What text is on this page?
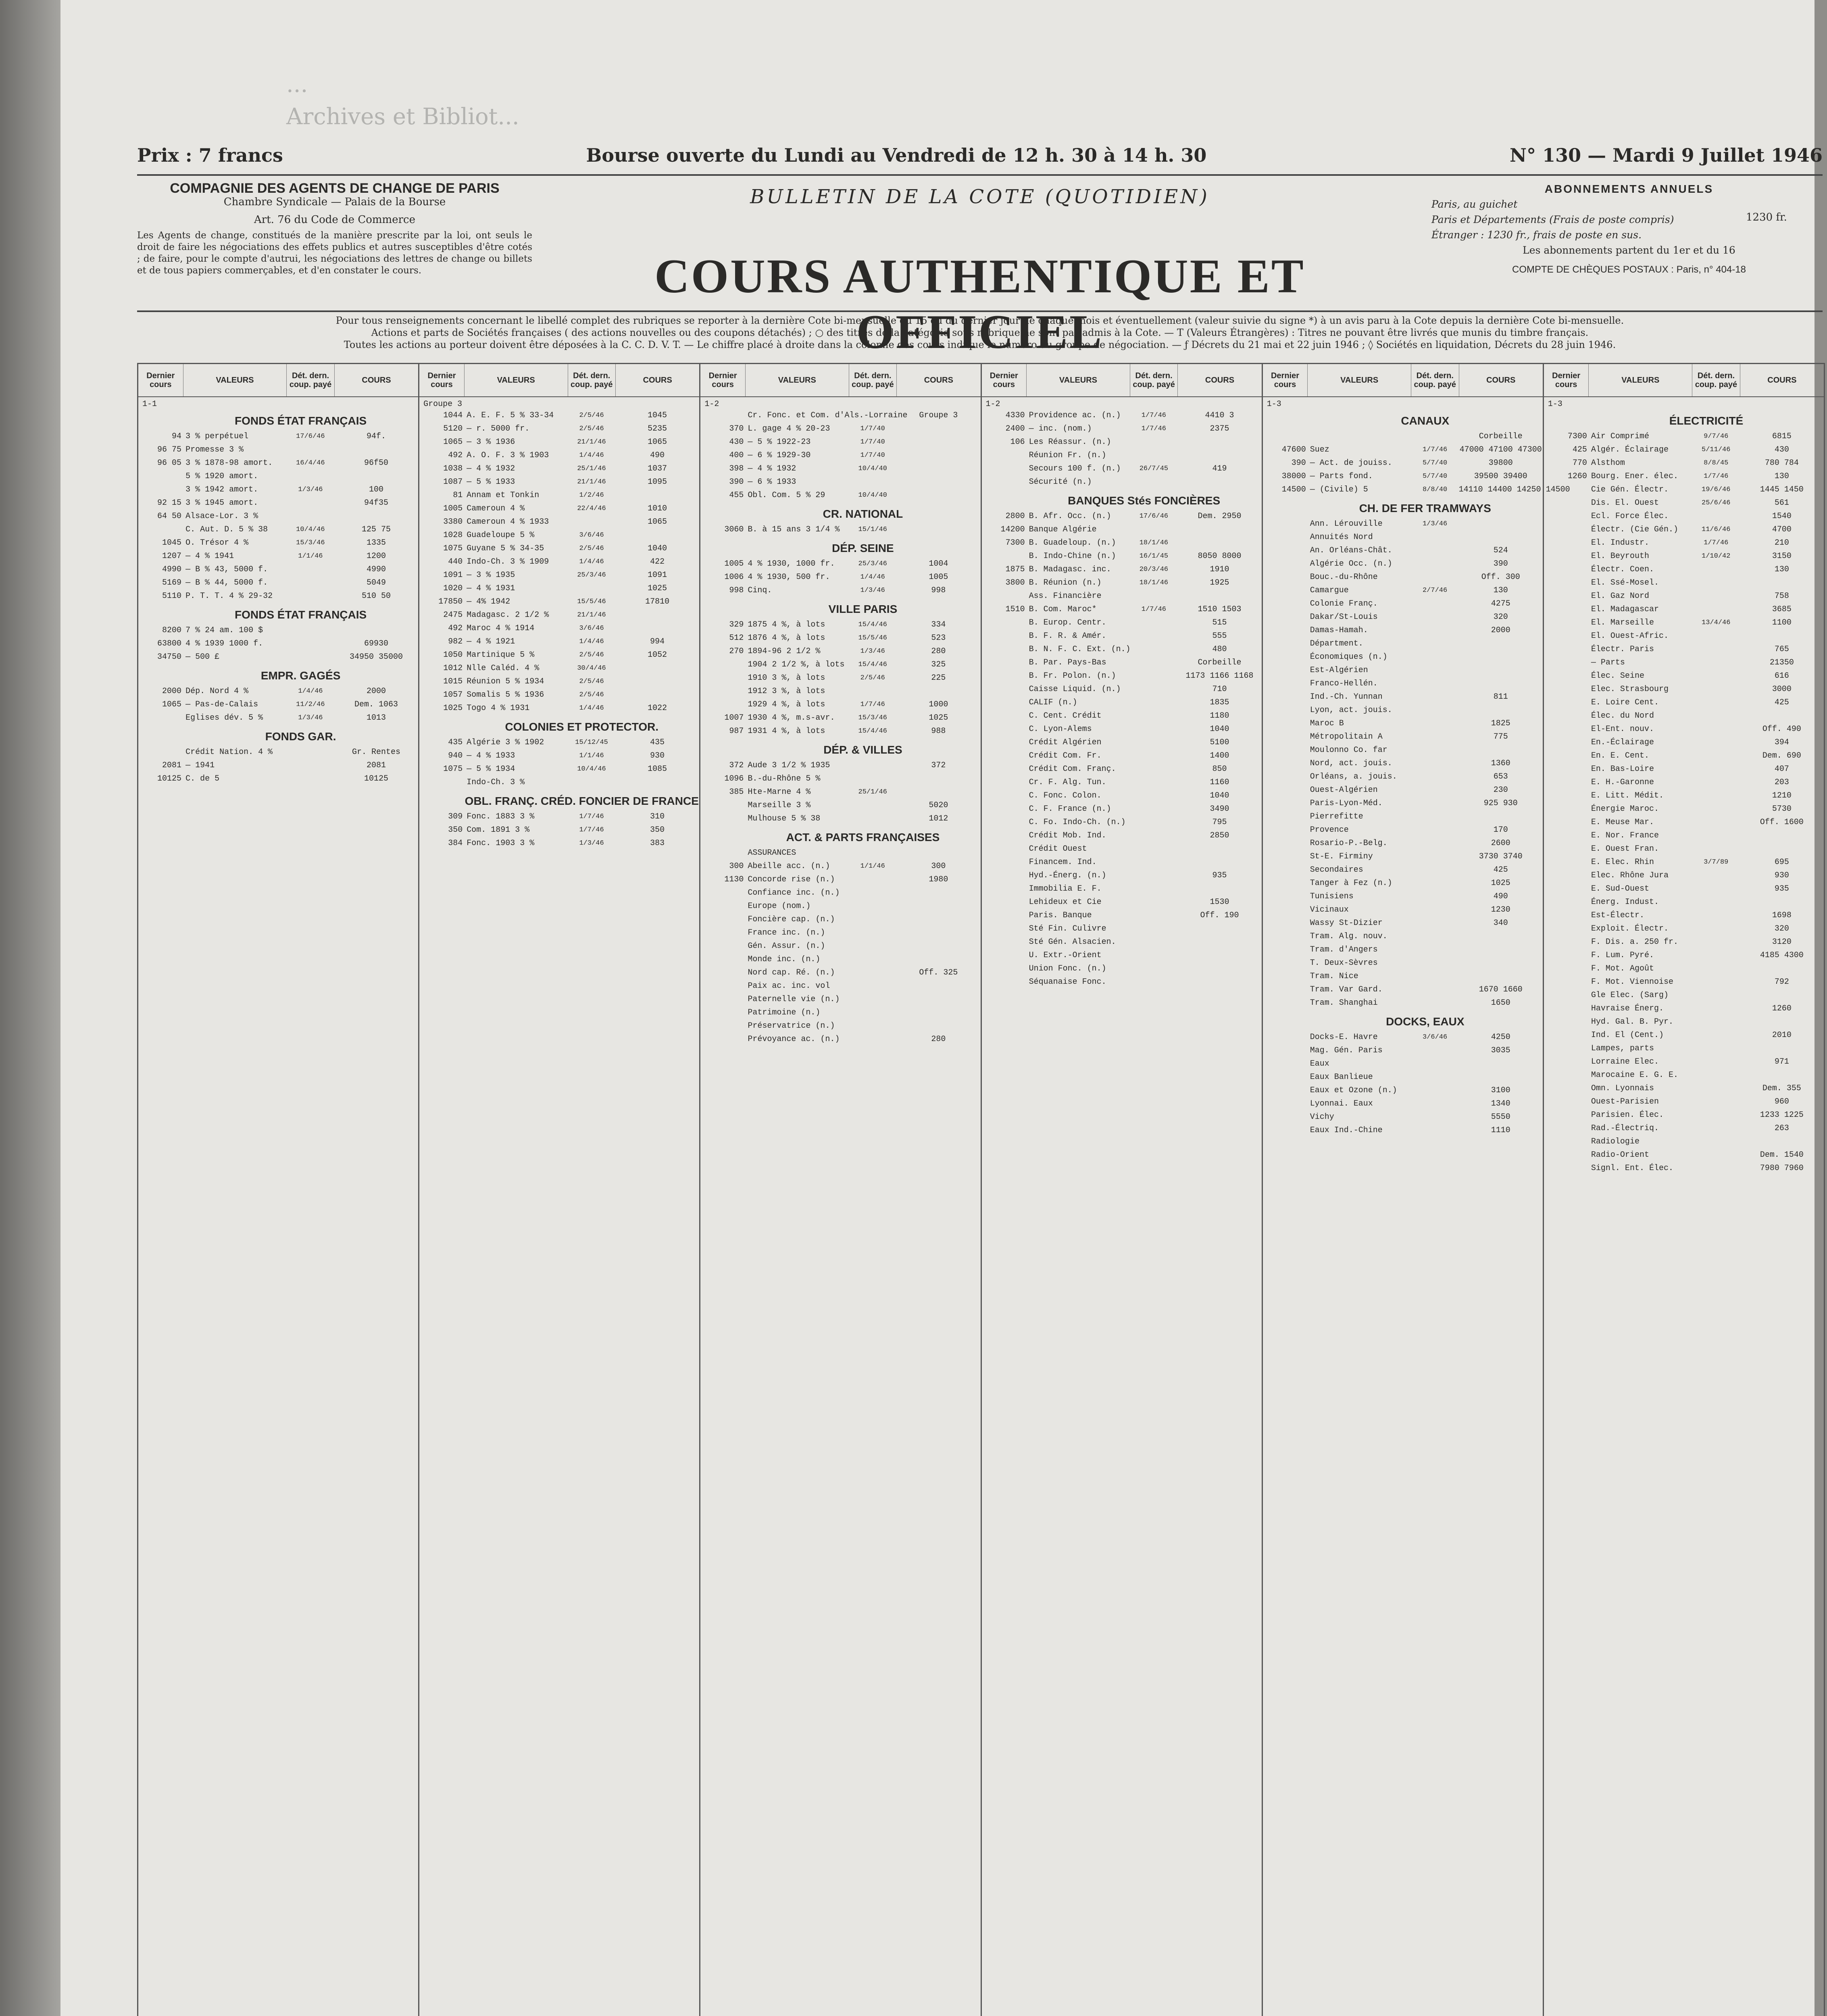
...
Archives et Bibliot...
Prix : 7 francs	Bourse ouverte du Lundi au Vendredi de 12 h. 30 à 14 h. 30	N° 130 — Mardi 9 Juillet 1946
COMPAGNIE DES AGENTS DE CHANGE DE PARIS
Chambre Syndicale — Palais de la Bourse
Art. 76 du Code de Commerce
Les Agents de change, constitués de la manière prescrite par la loi, ont seuls le droit de faire les négociations des effets publics et autres susceptibles d'être cotés ; de faire, pour le compte d'autrui, les négociations des lettres de change ou billets et de tous papiers commerçables, et d'en constater le cours.
BULLETIN DE LA COTE (QUOTIDIEN)
COURS AUTHENTIQUE ET OFFICIEL
ABONNEMENTS ANNUELS
Paris, au guichet
Paris et Départements (Frais de poste compris)
Étranger : 1230 fr., frais de poste en sus.
Les abonnements partent du 1er et du 16
1230 fr.
COMPTE DE CHÈQUES POSTAUX : Paris, n° 404-18
Pour tous renseignements concernant le libellé complet des rubriques se reporter à la dernière Cote bi-mensuelle du 15 ou du dernier jour de chaque mois et éventuellement (valeur suivie du signe *) à un avis paru à la Cote depuis la dernière Cote bi-mensuelle.
Actions et parts de Sociétés françaises ( des actions nouvelles ou des coupons détachés) ; ○ des titres de la catégorie sous rubrique ne sont pas admis à la Cote. — T (Valeurs Étrangères) : Titres ne pouvant être livrés que munis du timbre français.
Toutes les actions au porteur doivent être déposées à la C. C. D. V. T. — Le chiffre placé à droite dans la colonne des cours indique le numéro du groupe de négociation. — ƒ Décrets du 21 mai et 22 juin 1946 ; ◊ Sociétés en liquidation, Décrets du 28 juin 1946.
Dernier cours	VALEURS	Dét. dern. coup. payé	COURS
1-1
FONDS ÉTAT FRANÇAIS
94 3 % perpétuel	17/6/46	94f.
96 75 Promesse 3 %
96 05 3 % 1878-98 amort.	16/4/46	96f50
5 % 1920 amort.
3 % 1942 amort.	1/3/46	100
92 15 3 % 1945 amort.	94f35
64 50 Alsace-Lor. 3 %
C. Aut. D. 5 % 38	10/4/46	125 75
1045 O. Trésor 4 %	15/3/46	1335
1207 — 4 % 1941	1/1/46	1200
4990 — B % 43, 5000 f.	4990
5169 — B % 44, 5000 f.	5049
5110 P. T. T. 4 % 29-32	510 50
FONDS ÉTAT FRANÇAIS
8200 7 % 24 am. 100 $
63800 4 % 1939 1000 f.	69930
34750 — 500 £	34950 35000
EMPR. GAGÉS
2000 Dép. Nord 4 %	1/4/46	2000
1065 — Pas-de-Calais	11/2/46	Dem. 1063
Eglises dév. 5 %	1/3/46	1013
FONDS GAR.
Crédit Nation. 4 %	Gr. Rentes
2081 — 1941	2081
10125 C. de 5	10125
Dernier cours	VALEURS	Dét. dern. coup. payé	COURS
Groupe 3
1044 A. E. F. 5 % 33-34	2/5/46	1045
5120 — r. 5000 fr.	2/5/46	5235
1065 — 3 % 1936	21/1/46	1065
492 A. O. F. 3 % 1903	1/4/46	490
1038 — 4 % 1932	25/1/46	1037
1087 — 5 % 1933	21/1/46	1095
81 Annam et Tonkin	1/2/46
1005 Cameroun 4 %	22/4/46	1010
3380 Cameroun 4 % 1933	1065
1028 Guadeloupe 5 %	3/6/46
1075 Guyane 5 % 34-35	2/5/46	1040
440 Indo-Ch. 3 % 1909	1/4/46	422
1091 — 3 % 1935	25/3/46	1091
1020 — 4 % 1931	1025
17850 — 4% 1942	15/5/46	17810
2475 Madagasc. 2 1/2 %	21/1/46
492 Maroc 4 % 1914	3/6/46
982 — 4 % 1921	1/4/46	994
1050 Martinique 5 %	2/5/46	1052
1012 Nlle Caléd. 4 %	30/4/46
1015 Réunion 5 % 1934	2/5/46
1057 Somalis 5 % 1936	2/5/46
1025 Togo 4 % 1931	1/4/46	1022
COLONIES ET PROTECTOR.
435 Algérie 3 % 1902	15/12/45	435
940 — 4 % 1933	1/1/46	930
1075 — 5 % 1934	10/4/46	1085
Indo-Ch. 3 %
OBL. FRANÇ. CRÉD. FONCIER DE FRANCE
309 Fonc. 1883 3 %	1/7/46	310
350 Com. 1891 3 %	1/7/46	350
384 Fonc. 1903 3 %	1/3/46	383
Dernier cours	VALEURS	Dét. dern. coup. payé	COURS
1-2
Cr. Fonc. et Com. d'Als.-Lorraine	Groupe 3
370 L. gage 4 % 20-23	1/7/40
430 — 5 % 1922-23	1/7/40
400 — 6 % 1929-30	1/7/40
398 — 4 % 1932	10/4/40
390 — 6 % 1933
455 Obl. Com. 5 % 29	10/4/40
CR. NATIONAL
3060 B. à 15 ans 3 1/4 %	15/1/46
DÉP. SEINE
1005 4 % 1930, 1000 fr.	25/3/46	1004
1006 4 % 1930, 500 fr.	1/4/46	1005
998 Cinq.	1/3/46	998
VILLE PARIS
329 1875 4 %, à lots	15/4/46	334
512 1876 4 %, à lots	15/5/46	523
270 1894-96 2 1/2 %	1/3/46	280
1904 2 1/2 %, à lots	15/4/46	325
1910 3 %, à lots	2/5/46	225
1912 3 %, à lots
1929 4 %, à lots	1/7/46	1000
1007 1930 4 %, m.s-avr.	15/3/46	1025
987 1931 4 %, à lots	15/4/46	988
DÉP. & VILLES
372 Aude 3 1/2 % 1935	372
1096 B.-du-Rhône 5 %
385 Hte-Marne 4 %	25/1/46
Marseille 3 %	5020
Mulhouse 5 % 38	1012
ACT. & PARTS FRANÇAISES
ASSURANCES
300 Abeille acc. (n.)	1/1/46	300
1130 Concorde rise (n.)	1980
Confiance inc. (n.)
Europe (nom.)
Foncière cap. (n.)
France inc. (n.)
Gén. Assur. (n.)
Monde inc. (n.)
Nord cap. Ré. (n.)	Off. 325
Paix ac. inc. vol
Paternelle vie (n.)
Patrimoine (n.)
Préservatrice (n.)
Prévoyance ac. (n.)	280
Dernier cours	VALEURS	Dét. dern. coup. payé	COURS
1-2
4330 Providence ac. (n.)	1/7/46	4410 3
2400 — inc. (nom.)	1/7/46	2375
106 Les Réassur. (n.)
Réunion Fr. (n.)
Secours 100 f. (n.)	26/7/45	419
Sécurité (n.)
BANQUES Stés FONCIÈRES
2800 B. Afr. Occ. (n.)	17/6/46	Dem. 2950
14200 Banque Algérie
7300 B. Guadeloup. (n.)	18/1/46
B. Indo-Chine (n.)	16/1/45	8050 8000
1875 B. Madagasc. inc.	20/3/46	1910
3800 B. Réunion (n.)	18/1/46	1925
Ass. Financière
1510 B. Com. Maroc*	1/7/46	1510 1503
B. Europ. Centr.	515
B. F. R. & Amér.	555
B. N. F. C. Ext. (n.)	480
B. Par. Pays-Bas	Corbeille
B. Fr. Polon. (n.)	1173 1166 1168
Caisse Liquid. (n.)	710
CALIF (n.)	1835
C. Cent. Crédit	1180
C. Lyon-Alems	1040
Crédit Algérien	5100
Crédit Com. Fr.	1400
Crédit Com. Franç.	850
Cr. F. Alg. Tun.	1160
C. Fonc. Colon.	1040
C. F. France (n.)	3490
C. Fo. Indo-Ch. (n.)	795
Crédit Mob. Ind.	2850
Crédit Ouest
Financem. Ind.
Hyd.-Énerg. (n.)	935
Immobilia E. F.
Lehideux et Cie	1530
Paris. Banque	Off. 190
Sté Fin. Culivre
Sté Gén. Alsacien.
U. Extr.-Orient
Union Fonc. (n.)
Séquanaise Fonc.
Dernier cours	VALEURS	Dét. dern. coup. payé	COURS
1-3
CANAUX
Corbeille
47600 Suez	1/7/46	47000 47100 47300
390 — Act. de jouiss.	5/7/40	39800
38000 — Parts fond.	5/7/40	39500 39400
14500 — (Civile) 5	8/8/40	14110 14400 14250 14500
CH. DE FER TRAMWAYS
Ann. Lérouville	1/3/46
Annuités Nord
An. Orléans-Chât.	524
Algérie Occ. (n.)	390
Bouc.-du-Rhône	Off. 300
Camargue	2/7/46	130
Colonie Franç.	4275
Dakar/St-Louis	320
Damas-Hamah.	2000
Départment.
Économiques (n.)
Est-Algérien
Franco-Hellén.
Ind.-Ch. Yunnan	811
Lyon, act. jouis.
Maroc B	1825
Métropolitain A	775
Moulonno Co. far
Nord, act. jouis.	1360
Orléans, a. jouis.	653
Ouest-Algérien	230
Paris-Lyon-Méd.	925 930
Pierrefitte
Provence	170
Rosario-P.-Belg.	2600
St-E. Firminy	3730 3740
Secondaires	425
Tanger à Fez (n.)	1025
Tunisiens	490
Vicinaux	1230
Wassy St-Dizier	340
Tram. Alg. nouv.
Tram. d'Angers
T. Deux-Sèvres
Tram. Nice
Tram. Var Gard.	1670 1660
Tram. Shanghai	1650
DOCKS, EAUX
Docks-E. Havre	3/6/46	4250
Mag. Gén. Paris	3035
Eaux
Eaux Banlieue
Eaux et Ozone (n.)	3100
Lyonnai. Eaux	1340
Vichy	5550
Eaux Ind.-Chine	1110
Dernier cours	VALEURS	Dét. dern. coup. payé	COURS
1-3
ÉLECTRICITÉ
7300 Air Comprimé	9/7/46	6815
425 Algér. Éclairage	5/11/46	430
770 Alsthom	8/8/45	780 784
1260 Bourg. Ener. élec.	1/7/46	130
Cie Gén. Électr.	19/6/46	1445 1450
Dis. El. Ouest	25/6/46	561
Ecl. Force Élec.	1540
Électr. (Cie Gén.)	11/6/46	4700
El. Industr.	1/7/46	210
El. Beyrouth	1/10/42	3150
Électr. Coen.	130
El. Ssé-Mosel.
El. Gaz Nord	758
El. Madagascar	3685
El. Marseille	13/4/46	1100
El. Ouest-Afric.
Électr. Paris	765
— Parts	21350
Élec. Seine	616
Elec. Strasbourg	3000
E. Loire Cent.	425
Élec. du Nord
El-Ent. nouv.	Off. 490
En.-Éclairage	394
En. E. Cent.	Dem. 690
En. Bas-Loire	407
E. H.-Garonne	203
E. Litt. Médit.	1210
Énergie Maroc.	5730
E. Meuse Mar.	Off. 1600
E. Nor. France
E. Ouest Fran.
E. Elec. Rhin	3/7/89	695
Elec. Rhône Jura	930
E. Sud-Ouest	935
Énerg. Indust.
Est-Électr.	1698
Exploit. Électr.	320
F. Dis. a. 250 fr.	3120
F. Lum. Pyré.	4185 4300
F. Mot. Agoût
F. Mot. Viennoise	792
Gle Elec. (Sarg)
Havraise Énerg.	1260
Hyd. Gal. B. Pyr.
Ind. El (Cent.)	2010
Lampes, parts
Lorraine Elec.	971
Marocaine E. G. E.
Omn. Lyonnais	Dem. 355
Ouest-Parisien	960
Parisien. Élec.	1233 1225
Rad.-Électriq.	263
Radiologie
Radio-Orient	Dem. 1540
Signl. Ent. Élec.	7980 7960
